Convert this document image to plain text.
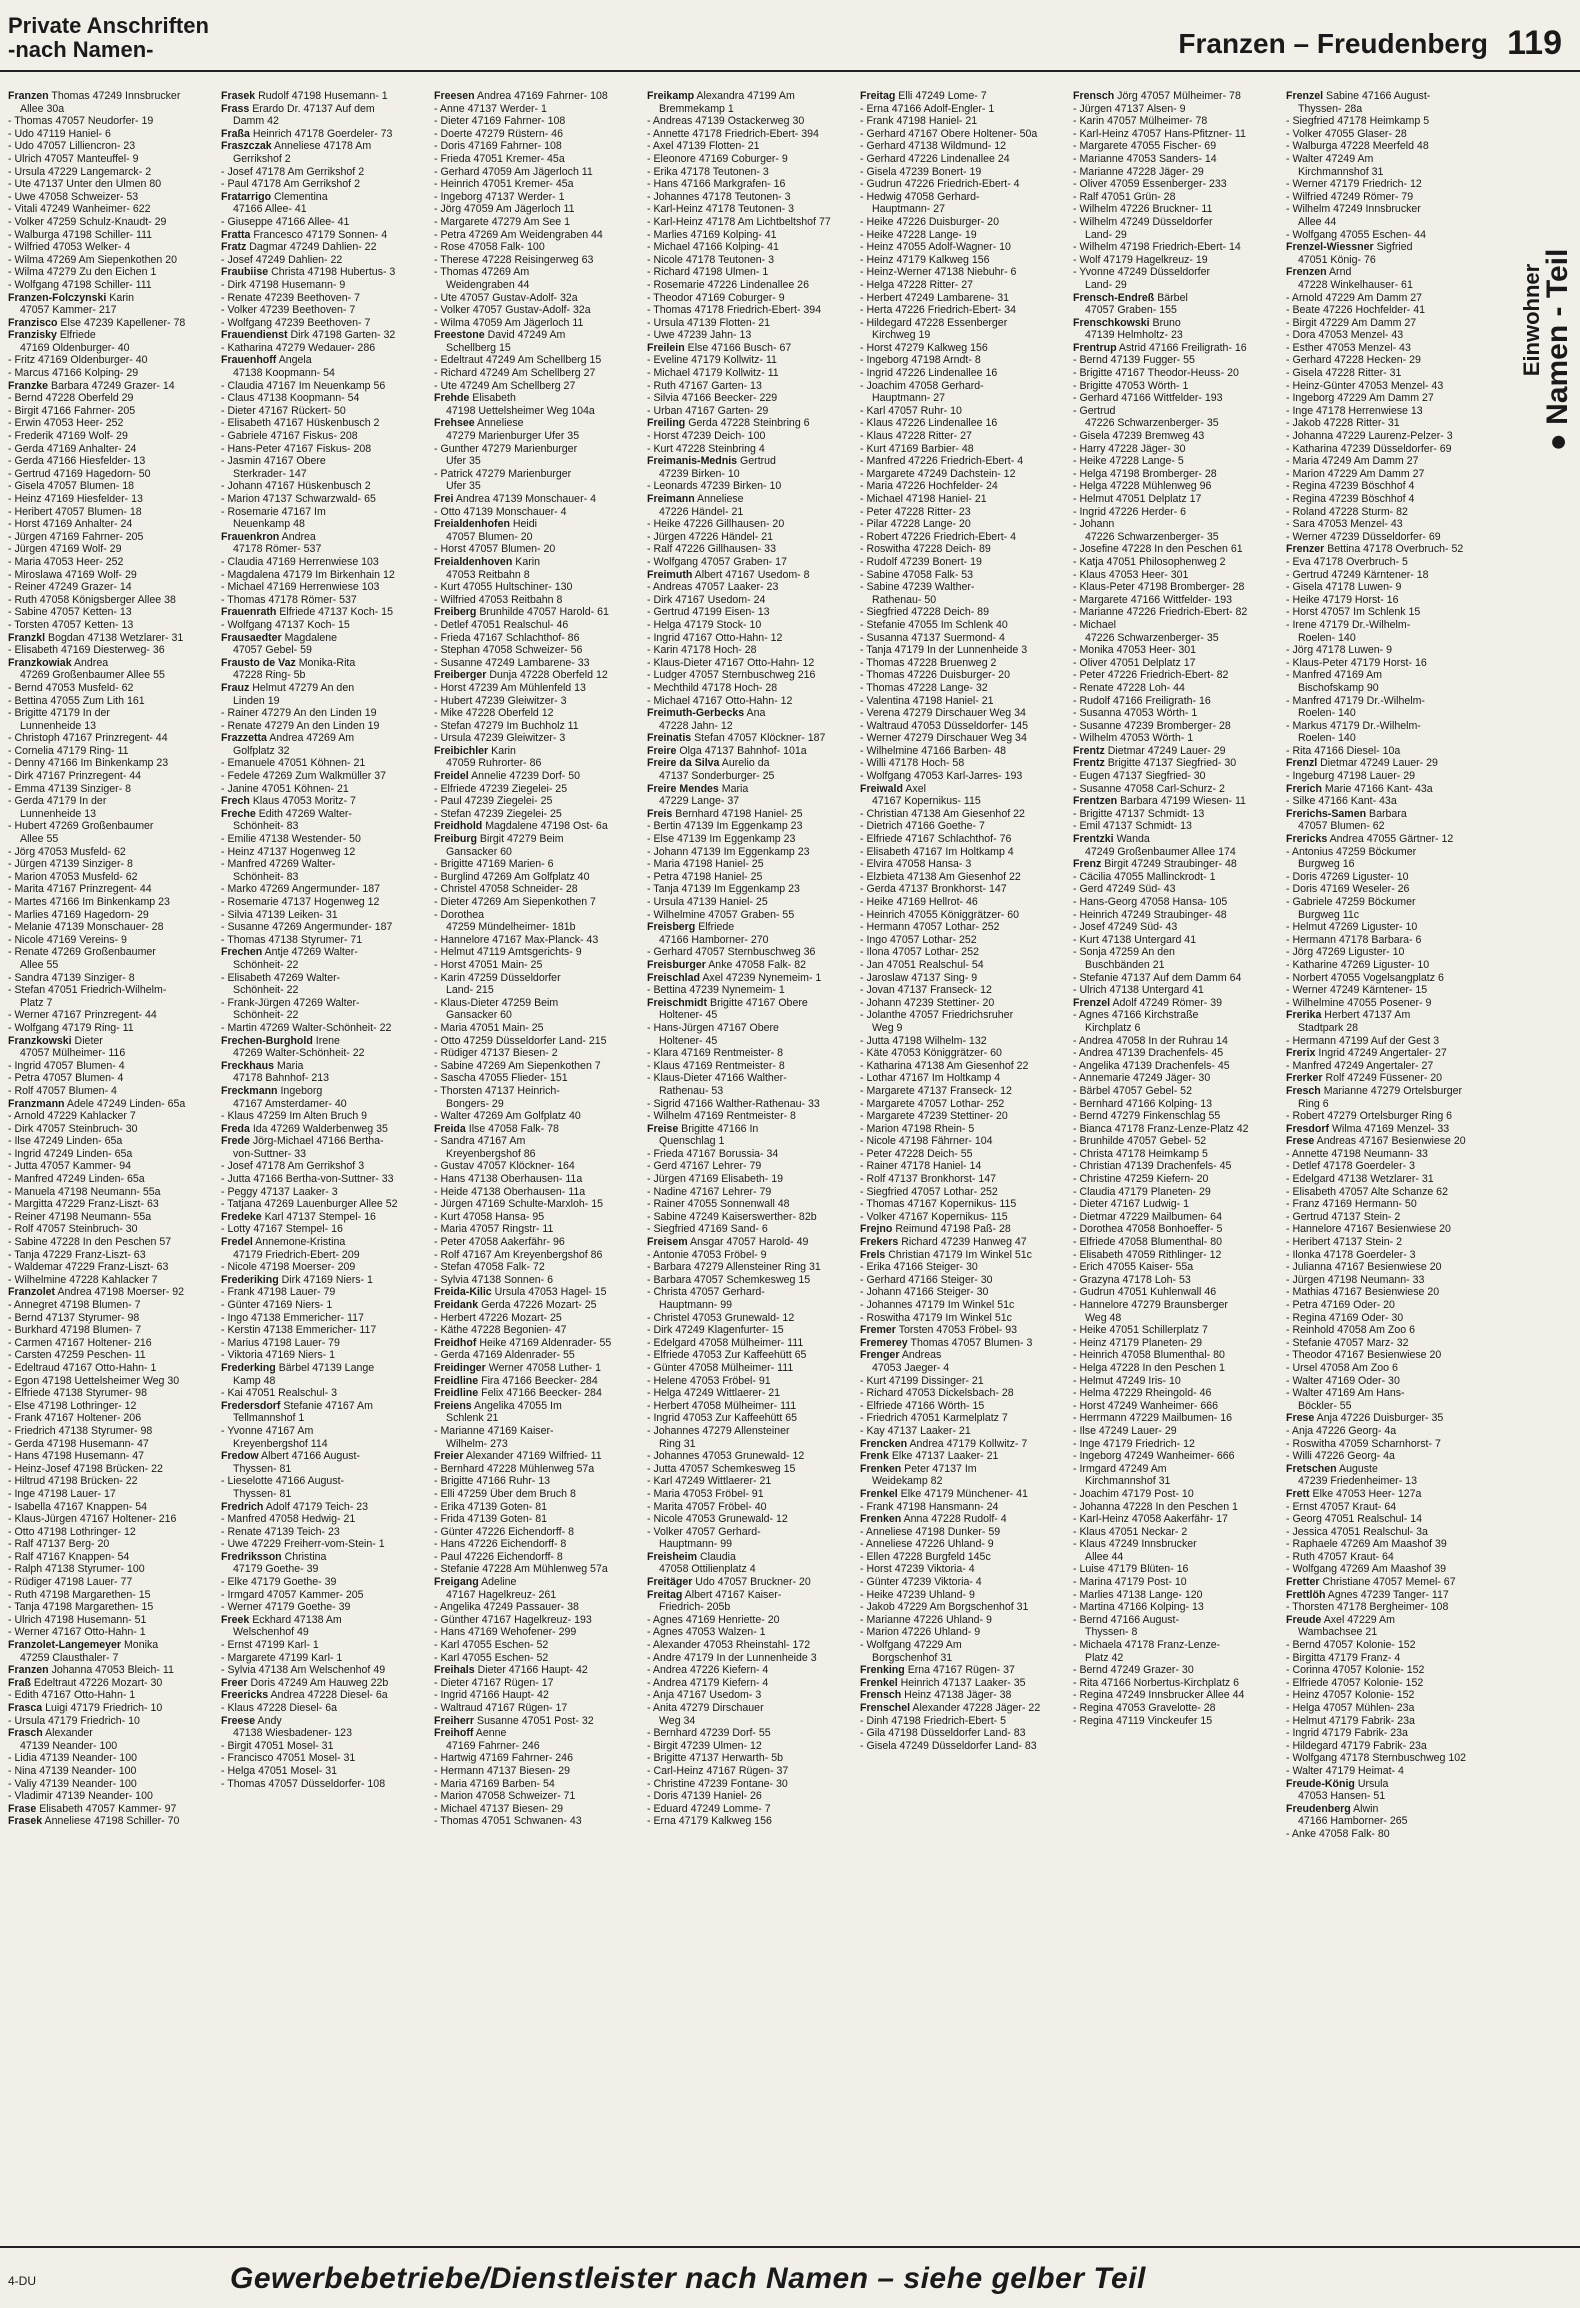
Private Anschriften
-nach Namen-	Franzen – Freudenberg 119
Einwohner
● Namen - Teil
Franzen Thomas 47249 Innsbrucker
Allee 30a
- Thomas 47057 Neudorfer- 19
- Udo 47119 Haniel- 6
- Udo 47057 Lilliencron- 23
- Ulrich 47057 Manteuffel- 9
- Ursula 47229 Langemarck- 2
- Ute 47137 Unter den Ulmen 80
- Uwe 47058 Schweizer- 53
- Vitali 47249 Wanheimer- 622
- Volker 47259 Schulz-Knaudt- 29
- Walburga 47198 Schiller- 111
- Wilfried 47053 Welker- 4
- Wilma 47269 Am Siepenkothen 20
- Wilma 47279 Zu den Eichen 1
- Wolfgang 47198 Schiller- 111
Franzen-Folczynski Karin
47057 Kammer- 217
Franzisco Else 47239 Kapellener- 78
Franzisky Elfriede
47169 Oldenburger- 40
- Fritz 47169 Oldenburger- 40
- Marcus 47166 Kolping- 29
Franzke Barbara 47249 Grazer- 14
- Bernd 47228 Oberfeld 29
- Birgit 47166 Fahrner- 205
- Erwin 47053 Heer- 252
- Frederik 47169 Wolf- 29
- Gerda 47169 Anhalter- 24
- Gerda 47166 Hiesfelder- 13
- Gertrud 47169 Hagedorn- 50
- Gisela 47057 Blumen- 18
- Heinz 47169 Hiesfelder- 13
- Heribert 47057 Blumen- 18
- Horst 47169 Anhalter- 24
- Jürgen 47169 Fahrner- 205
- Jürgen 47169 Wolf- 29
- Maria 47053 Heer- 252
- Miroslawa 47169 Wolf- 29
- Reiner 47249 Grazer- 14
- Ruth 47058 Königsberger Allee 38
- Sabine 47057 Ketten- 13
- Torsten 47057 Ketten- 13
Franzkl Bogdan 47138 Wetzlarer- 31
- Elisabeth 47169 Diesterweg- 36
Franzkowiak Andrea
47269 Großenbaumer Allee 55
- Bernd 47053 Musfeld- 62
- Bettina 47055 Zum Lith 161
- Brigitte 47179 In der
Lunnenheide 13
- Christoph 47167 Prinzregent- 44
- Cornelia 47179 Ring- 11
- Denny 47166 Im Binkenkamp 23
- Dirk 47167 Prinzregent- 44
- Emma 47139 Sinziger- 8
- Gerda 47179 In der
Lunnenheide 13
- Hubert 47269 Großenbaumer
Allee 55
- Jörg 47053 Musfeld- 62
- Jürgen 47139 Sinziger- 8
- Marion 47053 Musfeld- 62
- Marita 47167 Prinzregent- 44
- Martes 47166 Im Binkenkamp 23
- Marlies 47169 Hagedorn- 29
- Melanie 47139 Monschauer- 28
- Nicole 47169 Vereins- 9
- Renate 47269 Großenbaumer
Allee 55
- Sandra 47139 Sinziger- 8
- Stefan 47051 Friedrich-Wilhelm-
Platz 7
- Werner 47167 Prinzregent- 44
- Wolfgang 47179 Ring- 11
Franzkowski Dieter
47057 Mülheimer- 116
- Ingrid 47057 Blumen- 4
- Petra 47057 Blumen- 4
- Rolf 47057 Blumen- 4
Franzmann Adele 47249 Linden- 65a
- Arnold 47229 Kahlacker 7
- Dirk 47057 Steinbruch- 30
- Ilse 47249 Linden- 65a
- Ingrid 47249 Linden- 65a
- Jutta 47057 Kammer- 94
- Manfred 47249 Linden- 65a
- Manuela 47198 Neumann- 55a
- Margitta 47229 Franz-Liszt- 63
- Reiner 47198 Neumann- 55a
- Rolf 47057 Steinbruch- 30
- Sabine 47228 In den Peschen 57
- Tanja 47229 Franz-Liszt- 63
- Waldemar 47229 Franz-Liszt- 63
- Wilhelmine 47228 Kahlacker 7
Franzolet Andrea 47198 Moerser- 92
- Annegret 47198 Blumen- 7
- Bernd 47137 Styrumer- 98
- Burkhard 47198 Blumen- 7
- Carmen 47167 Holtener- 216
- Carsten 47259 Peschen- 11
- Edeltraud 47167 Otto-Hahn- 1
- Egon 47198 Uettelsheimer Weg 30
- Elfriede 47138 Styrumer- 98
- Else 47198 Lothringer- 12
- Frank 47167 Holtener- 206
- Friedrich 47138 Styrumer- 98
- Gerda 47198 Husemann- 47
- Hans 47198 Husemann- 47
- Heinz-Josef 47198 Brücken- 22
- Hiltrud 47198 Brücken- 22
- Inge 47198 Lauer- 17
- Isabella 47167 Knappen- 54
- Klaus-Jürgen 47167 Holtener- 216
- Otto 47198 Lothringer- 12
- Ralf 47137 Berg- 20
- Ralf 47167 Knappen- 54
- Ralph 47138 Styrumer- 100
- Rüdiger 47198 Lauer- 77
- Ruth 47198 Margarethen- 15
- Tanja 47198 Margarethen- 15
- Ulrich 47198 Husemann- 51
- Werner 47167 Otto-Hahn- 1
Franzolet-Langemeyer Monika
47259 Clausthaler- 7
Franzen Johanna 47053 Bleich- 11
Fraß Edeltraut 47226 Mozart- 30
- Edith 47167 Otto-Hahn- 1
Frasca Luigi 47179 Friedrich- 10
- Ursula 47179 Friedrich- 10
Frasch Alexander
47139 Neander- 100
- Lidia 47139 Neander- 100
- Nina 47139 Neander- 100
- Valiy 47139 Neander- 100
- Vladimir 47139 Neander- 100
Frase Elisabeth 47057 Kammer- 97
Frasek Anneliese 47198 Schiller- 70
Frasek Rudolf 47198 Husemann- 1
Frass Erardo Dr. 47137 Auf dem
Damm 42
Fraßa Heinrich 47178 Goerdeler- 73
Fraszczak Anneliese 47178 Am
Gerrikshof 2
- Josef 47178 Am Gerrikshof 2
- Paul 47178 Am Gerrikshof 2
Fratarrigo Clementina
47166 Allee- 41
- Giuseppe 47166 Allee- 41
Fratta Francesco 47179 Sonnen- 4
Fratz Dagmar 47249 Dahlien- 22
- Josef 47249 Dahlien- 22
Fraubiise Christa 47198 Hubertus- 3
- Dirk 47198 Husemann- 9
- Renate 47239 Beethoven- 7
- Volker 47239 Beethoven- 7
- Wolfgang 47239 Beethoven- 7
Frauendienst Dirk 47198 Garten- 32
- Katharina 47279 Wedauer- 286
Frauenhoff Angela
47138 Koopmann- 54
- Claudia 47167 Im Neuenkamp 56
- Claus 47138 Koopmann- 54
- Dieter 47167 Rückert- 50
- Elisabeth 47167 Hüskenbusch 2
- Gabriele 47167 Fiskus- 208
- Hans-Peter 47167 Fiskus- 208
- Jasmin 47167 Obere
Sterkrader- 147
- Johann 47167 Hüskenbusch 2
- Marion 47137 Schwarzwald- 65
- Rosemarie 47167 Im
Neuenkamp 48
Frauenkron Andrea
47178 Römer- 537
- Claudia 47169 Herrenwiese 103
- Magdalena 47179 Im Birkenhain 12
- Michael 47169 Herrenwiese 103
- Thomas 47178 Römer- 537
Frauenrath Elfriede 47137 Koch- 15
- Wolfgang 47137 Koch- 15
Frausaedter Magdalene
47057 Gebel- 59
Frausto de Vaz Monika-Rita
47228 Ring- 5b
Frauz Helmut 47279 An den
Linden 19
- Rainer 47279 An den Linden 19
- Renate 47279 An den Linden 19
Frazzetta Andrea 47269 Am
Golfplatz 32
- Emanuele 47051 Köhnen- 21
- Fedele 47269 Zum Walkmüller 37
- Janine 47051 Köhnen- 21
Frech Klaus 47053 Moritz- 7
Freche Edith 47269 Walter-
Schönheit- 83
- Emilie 47138 Westender- 50
- Heinz 47137 Hogenweg 12
- Manfred 47269 Walter-
Schönheit- 83
- Marko 47269 Angermunder- 187
- Rosemarie 47137 Hogenweg 12
- Silvia 47139 Leiken- 31
- Susanne 47269 Angermunder- 187
- Thomas 47138 Styrumer- 71
Frechen Antje 47269 Walter-
Schönheit- 22
- Elisabeth 47269 Walter-
Schönheit- 22
- Frank-Jürgen 47269 Walter-
Schönheit- 22
- Martin 47269 Walter-Schönheit- 22
Frechen-Burghold Irene
47269 Walter-Schönheit- 22
Freckhaus Maria
47178 Bahnhof- 213
Freckmann Ingeborg
47167 Amsterdamer- 40
- Klaus 47259 Im Alten Bruch 9
Freda Ida 47269 Walderbenweg 35
Frede Jörg-Michael 47166 Bertha-
von-Suttner- 33
- Josef 47178 Am Gerrikshof 3
- Jutta 47166 Bertha-von-Suttner- 33
- Peggy 47137 Laaker- 3
- Tatjana 47269 Lauenburger Allee 52
Fredeke Karl 47137 Stempel- 16
- Lotty 47167 Stempel- 16
Fredel Annemone-Kristina
47179 Friedrich-Ebert- 209
- Nicole 47198 Moerser- 209
Frederiking Dirk 47169 Niers- 1
- Frank 47198 Lauer- 79
- Günter 47169 Niers- 1
- Ingo 47138 Emmericher- 117
- Kerstin 47138 Emmericher- 117
- Marius 47198 Lauer- 79
- Viktoria 47169 Niers- 1
Frederking Bärbel 47139 Lange
Kamp 48
- Kai 47051 Realschul- 3
Fredersdorf Stefanie 47167 Am
Tellmannshof 1
- Yvonne 47167 Am
Kreyenbergshof 114
Fredow Albert 47166 August-
Thyssen- 81
- Lieselotte 47166 August-
Thyssen- 81
Fredrich Adolf 47179 Teich- 23
- Manfred 47058 Hedwig- 21
- Renate 47139 Teich- 23
- Uwe 47229 Freiherr-vom-Stein- 1
Fredriksson Christina
47179 Goethe- 39
- Elke 47179 Goethe- 39
- Irmgard 47057 Kammer- 205
- Werner 47179 Goethe- 39
Freek Eckhard 47138 Am
Welschenhof 49
- Ernst 47199 Karl- 1
- Margarete 47199 Karl- 1
- Sylvia 47138 Am Welschenhof 49
Freer Doris 47249 Am Hauweg 22b
Freericks Andrea 47228 Diesel- 6a
- Klaus 47228 Diesel- 6a
Freese Andy
47138 Wiesbadener- 123
- Birgit 47051 Mosel- 31
- Francisco 47051 Mosel- 31
- Helga 47051 Mosel- 31
- Thomas 47057 Düsseldorfer- 108
Freesen Andrea 47169 Fahrner- 108
- Anne 47137 Werder- 1
- Dieter 47169 Fahrner- 108
- Doerte 47279 Rüstern- 46
- Doris 47169 Fahrner- 108
- Frieda 47051 Kremer- 45a
- Gerhard 47059 Am Jägerloch 11
- Heinrich 47051 Kremer- 45a
- Ingeborg 47137 Werder- 1
- Jörg 47059 Am Jägerloch 11
- Margarete 47279 Am See 1
- Petra 47269 Am Weidengraben 44
- Rose 47058 Falk- 100
- Therese 47228 Reisingerweg 63
- Thomas 47269 Am
Weidengraben 44
- Ute 47057 Gustav-Adolf- 32a
- Volker 47057 Gustav-Adolf- 32a
- Wilma 47059 Am Jägerloch 11
Freestone David 47249 Am
Schellberg 15
- Edeltraut 47249 Am Schellberg 15
- Richard 47249 Am Schellberg 27
- Ute 47249 Am Schellberg 27
Frehde Elisabeth
47198 Uettelsheimer Weg 104a
Frehsee Anneliese
47279 Marienburger Ufer 35
- Gunther 47279 Marienburger
Ufer 35
- Patrick 47279 Marienburger
Ufer 35
Frei Andrea 47139 Monschauer- 4
- Otto 47139 Monschauer- 4
Freialdenhofen Heidi
47057 Blumen- 20
- Horst 47057 Blumen- 20
Freialdenhoven Karin
47053 Reitbahn 8
- Kurt 47055 Hultschiner- 130
- Wilfried 47053 Reitbahn 8
Freiberg Brunhilde 47057 Harold- 61
- Detlef 47051 Realschul- 46
- Frieda 47167 Schlachthof- 86
- Stephan 47058 Schweizer- 56
- Susanne 47249 Lambarene- 33
Freiberger Dunja 47228 Oberfeld 12
- Horst 47239 Am Mühlenfeld 13
- Hubert 47239 Gleiwitzer- 3
- Mike 47228 Oberfeld 12
- Stefan 47279 Im Buchholz 11
- Ursula 47239 Gleiwitzer- 3
Freibichler Karin
47059 Ruhrorter- 86
Freidel Annelie 47239 Dorf- 50
- Elfriede 47239 Ziegelei- 25
- Paul 47239 Ziegelei- 25
- Stefan 47239 Ziegelei- 25
Freidhold Magdalene 47198 Ost- 6a
Freiburg Birgit 47279 Beim
Gansacker 60
- Brigitte 47169 Marien- 6
- Burglind 47269 Am Golfplatz 40
- Christel 47058 Schneider- 28
- Dieter 47269 Am Siepenkothen 7
- Dorothea
47259 Mündelheimer- 181b
- Hannelore 47167 Max-Planck- 43
- Helmut 47119 Amtsgerichts- 9
- Horst 47051 Main- 25
- Karin 47259 Düsseldorfer
Land- 215
- Klaus-Dieter 47259 Beim
Gansacker 60
- Maria 47051 Main- 25
- Otto 47259 Düsseldorfer Land- 215
- Rüdiger 47137 Biesen- 2
- Sabine 47269 Am Siepenkothen 7
- Sascha 47055 Flieder- 151
- Thorsten 47137 Heinrich-
Bongers- 29
- Walter 47269 Am Golfplatz 40
Freida Ilse 47058 Falk- 78
- Sandra 47167 Am
Kreyenbergshof 86
- Gustav 47057 Klöckner- 164
- Hans 47138 Oberhausen- 11a
- Heide 47138 Oberhausen- 11a
- Jürgen 47169 Schulte-Marxloh- 15
- Kurt 47058 Hansa- 95
- Maria 47057 Ringstr- 11
- Peter 47058 Aakerfähr- 96
- Rolf 47167 Am Kreyenbergshof 86
- Stefan 47058 Falk- 72
- Sylvia 47138 Sonnen- 6
Freida-Kilic Ursula 47053 Hagel- 15
Freidank Gerda 47226 Mozart- 25
- Herbert 47226 Mozart- 25
- Käthe 47228 Begonien- 47
Freidhof Heike 47169 Aldenrader- 55
- Gerda 47169 Aldenrader- 55
Freidinger Werner 47058 Luther- 1
Freidline Fira 47166 Beecker- 284
Freidline Felix 47166 Beecker- 284
Freiens Angelika 47055 Im
Schlenk 21
- Marianne 47169 Kaiser-
Wilhelm- 273
Freier Alexander 47169 Wilfried- 11
- Bernhard 47228 Mühlenweg 57a
- Brigitte 47166 Ruhr- 13
- Elli 47259 Über dem Bruch 8
- Erika 47139 Goten- 81
- Frida 47139 Goten- 81
- Günter 47226 Eichendorff- 8
- Hans 47226 Eichendorff- 8
- Paul 47226 Eichendorff- 8
- Stefanie 47228 Am Mühlenweg 57a
Freigang Adeline
47167 Hagelkreuz- 261
- Angelika 47249 Passauer- 38
- Günther 47167 Hagelkreuz- 193
- Hans 47169 Wehofener- 299
- Karl 47055 Eschen- 52
- Karl 47055 Eschen- 52
Freihals Dieter 47166 Haupt- 42
- Dieter 47167 Rügen- 17
- Ingrid 47166 Haupt- 42
- Waltraud 47167 Rügen- 17
Freiherr Susanne 47051 Post- 32
Freihoff Aenne
47169 Fahrner- 246
- Hartwig 47169 Fahrner- 246
- Hermann 47137 Biesen- 29
- Maria 47169 Barben- 54
- Marion 47058 Schweizer- 71
- Michael 47137 Biesen- 29
- Thomas 47051 Schwanen- 43
Freikamp Alexandra 47199 Am
Bremmekamp 1
- Andreas 47139 Ostackerweg 30
- Annette 47178 Friedrich-Ebert- 394
- Axel 47139 Flotten- 21
- Eleonore 47169 Coburger- 9
- Erika 47178 Teutonen- 3
- Hans 47166 Markgrafen- 16
- Johannes 47178 Teutonen- 3
- Karl-Heinz 47178 Teutonen- 3
- Karl-Heinz 47178 Am Lichtbeltshof 77
- Marlies 47169 Kolping- 41
- Michael 47166 Kolping- 41
- Nicole 47178 Teutonen- 3
- Richard 47198 Ulmen- 1
- Rosemarie 47226 Lindenallee 26
- Theodor 47169 Coburger- 9
- Thomas 47178 Friedrich-Ebert- 394
- Ursula 47139 Flotten- 21
- Uwe 47239 Jahn- 13
Freilein Else 47166 Busch- 67
- Eveline 47179 Kollwitz- 11
- Michael 47179 Kollwitz- 11
- Ruth 47167 Garten- 13
- Silvia 47166 Beecker- 229
- Urban 47167 Garten- 29
Freiling Gerda 47228 Steinbring 6
- Horst 47239 Deich- 100
- Kurt 47228 Steinbring 4
Freimanis-Mednis Gertrud
47239 Birken- 10
- Leonards 47239 Birken- 10
Freimann Anneliese
47226 Händel- 21
- Heike 47226 Gillhausen- 20
- Jürgen 47226 Händel- 21
- Ralf 47226 Gillhausen- 33
- Wolfgang 47057 Graben- 17
Freimuth Albert 47167 Usedom- 8
- Andreas 47057 Laaker- 23
- Dirk 47167 Usedom- 24
- Gertrud 47199 Eisen- 13
- Helga 47179 Stock- 10
- Ingrid 47167 Otto-Hahn- 12
- Karin 47178 Hoch- 28
- Klaus-Dieter 47167 Otto-Hahn- 12
- Ludger 47057 Sternbuschweg 216
- Mechthild 47178 Hoch- 28
- Michael 47167 Otto-Hahn- 12
Freimuth-Gerbecks Ana
47228 Jahn- 12
Freinatis Stefan 47057 Klöckner- 187
Freire Olga 47137 Bahnhof- 101a
Freire da Silva Aurelio da
47137 Sonderburger- 25
Freire Mendes Maria
47229 Lange- 37
Freis Bernhard 47198 Haniel- 25
- Bertin 47139 Im Eggenkamp 23
- Else 47139 Im Eggenkamp 23
- Johann 47139 Im Eggenkamp 23
- Maria 47198 Haniel- 25
- Petra 47198 Haniel- 25
- Tanja 47139 Im Eggenkamp 23
- Ursula 47139 Haniel- 25
- Wilhelmine 47057 Graben- 55
Freisberg Elfriede
47166 Hamborner- 270
- Gerhard 47057 Sternbuschweg 36
Freisburger Anke 47058 Falk- 82
Freischlad Axel 47239 Nynemeim- 1
- Bettina 47239 Nynemeim- 1
Freischmidt Brigitte 47167 Obere
Holtener- 45
- Hans-Jürgen 47167 Obere
Holtener- 45
- Klara 47169 Rentmeister- 8
- Klaus 47169 Rentmeister- 8
- Klaus-Dieter 47166 Walther-
Rathenau- 53
- Sigrid 47166 Walther-Rathenau- 33
- Wilhelm 47169 Rentmeister- 8
Freise Brigitte 47166 In
Quenschlag 1
- Frieda 47167 Borussia- 34
- Gerd 47167 Lehrer- 79
- Jürgen 47169 Elisabeth- 19
- Nadine 47167 Lehrer- 79
- Rainer 47055 Sonnenwall 48
- Sabine 47249 Kaiserswerther- 82b
- Siegfried 47169 Sand- 6
Freisem Ansgar 47057 Harold- 49
- Antonie 47053 Fröbel- 9
- Barbara 47279 Allensteiner Ring 31
- Barbara 47057 Schemkesweg 15
- Christa 47057 Gerhard-
Hauptmann- 99
- Christel 47053 Grunewald- 12
- Dirk 47249 Klagenfurter- 15
- Edelgard 47058 Mülheimer- 111
- Elfriede 47053 Zur Kaffeehütt 65
- Günter 47058 Mülheimer- 111
- Helene 47053 Fröbel- 91
- Helga 47249 Wittlaerer- 21
- Herbert 47058 Mülheimer- 111
- Ingrid 47053 Zur Kaffeehütt 65
- Johannes 47279 Allensteiner
Ring 31
- Johannes 47053 Grunewald- 12
- Jutta 47057 Schemkesweg 15
- Karl 47249 Wittlaerer- 21
- Maria 47053 Fröbel- 91
- Marita 47057 Fröbel- 40
- Nicole 47053 Grunewald- 12
- Volker 47057 Gerhard-
Hauptmann- 99
Freisheim Claudia
47058 Ottilienplatz 4
Freitäger Udo 47057 Bruckner- 20
Freitag Albert 47167 Kaiser-
Friedrich- 205b
- Agnes 47169 Henriette- 20
- Agnes 47053 Walzen- 1
- Alexander 47053 Rheinstahl- 172
- Andre 47179 In der Lunnenheide 3
- Andrea 47226 Kiefern- 4
- Andrea 47179 Kiefern- 4
- Anja 47167 Usedom- 3
- Anita 47279 Dirschauer
Weg 34
- Bernhard 47239 Dorf- 55
- Birgit 47239 Ulmen- 12
- Brigitte 47137 Herwarth- 5b
- Carl-Heinz 47167 Rügen- 37
- Christine 47239 Fontane- 30
- Doris 47139 Haniel- 26
- Eduard 47249 Lomme- 7
- Erna 47179 Kalkweg 156
Freitag Elli 47249 Lome- 7
- Erna 47166 Adolf-Engler- 1
- Frank 47198 Haniel- 21
- Gerhard 47167 Obere Holtener- 50a
- Gerhard 47138 Wildmund- 12
- Gerhard 47226 Lindenallee 24
- Gisela 47239 Bonert- 19
- Gudrun 47226 Friedrich-Ebert- 4
- Hedwig 47058 Gerhard-
Hauptmann- 27
- Heike 47226 Duisburger- 20
- Heike 47228 Lange- 19
- Heinz 47055 Adolf-Wagner- 10
- Heinz 47179 Kalkweg 156
- Heinz-Werner 47138 Niebuhr- 6
- Helga 47228 Ritter- 27
- Herbert 47249 Lambarene- 31
- Herta 47226 Friedrich-Ebert- 34
- Hildegard 47228 Essenberger
Kirchweg 19
- Horst 47279 Kalkweg 156
- Ingeborg 47198 Arndt- 8
- Ingrid 47226 Lindenallee 16
- Joachim 47058 Gerhard-
Hauptmann- 27
- Karl 47057 Ruhr- 10
- Klaus 47226 Lindenallee 16
- Klaus 47228 Ritter- 27
- Kurt 47169 Barbier- 48
- Manfred 47226 Friedrich-Ebert- 4
- Margarete 47249 Dachstein- 12
- Maria 47226 Hochfelder- 24
- Michael 47198 Haniel- 21
- Peter 47228 Ritter- 23
- Pilar 47228 Lange- 20
- Robert 47226 Friedrich-Ebert- 4
- Roswitha 47228 Deich- 89
- Rudolf 47239 Bonert- 19
- Sabine 47058 Falk- 53
- Sabine 47239 Walther-
Rathenau- 50
- Siegfried 47228 Deich- 89
- Stefanie 47055 Im Schlenk 40
- Susanna 47137 Suermond- 4
- Tanja 47179 In der Lunnenheide 3
- Thomas 47228 Bruenweg 2
- Thomas 47226 Duisburger- 20
- Thomas 47228 Lange- 32
- Valentina 47198 Haniel- 21
- Verena 47279 Dirschauer Weg 34
- Waltraud 47053 Düsseldorfer- 145
- Werner 47279 Dirschauer Weg 34
- Wilhelmine 47166 Barben- 48
- Willi 47178 Hoch- 58
- Wolfgang 47053 Karl-Jarres- 193
Freiwald Axel
47167 Kopernikus- 115
- Christian 47138 Am Giesenhof 22
- Dietrich 47166 Goethe- 7
- Elfriede 47167 Schlachthof- 76
- Elisabeth 47167 Im Holtkamp 4
- Elvira 47058 Hansa- 3
- Elzbieta 47138 Am Giesenhof 22
- Gerda 47137 Bronkhorst- 147
- Heike 47169 Hellrot- 46
- Heinrich 47055 Königgrätzer- 60
- Hermann 47057 Lothar- 252
- Ingo 47057 Lothar- 252
- Ilona 47057 Lothar- 252
- Jan 47051 Realschul- 54
- Jaroslaw 47137 Sing- 9
- Jovan 47137 Franseck- 12
- Johann 47239 Stettiner- 20
- Jolanthe 47057 Friedrichsruher
Weg 9
- Jutta 47198 Wilhelm- 132
- Käte 47053 Königgrätzer- 60
- Katharina 47138 Am Giesenhof 22
- Lothar 47167 Im Holtkamp 4
- Margarete 47137 Franseck- 12
- Margarete 47057 Lothar- 252
- Margarete 47239 Stettiner- 20
- Marion 47198 Rhein- 5
- Nicole 47198 Fährner- 104
- Peter 47228 Deich- 55
- Rainer 47178 Haniel- 14
- Rolf 47137 Bronkhorst- 147
- Siegfried 47057 Lothar- 252
- Thomas 47167 Kopernikus- 115
- Volker 47167 Kopernikus- 115
Frejno Reimund 47198 Paß- 28
Frekers Richard 47239 Hanweg 47
Frels Christian 47179 Im Winkel 51c
- Erika 47166 Steiger- 30
- Gerhard 47166 Steiger- 30
- Johann 47166 Steiger- 30
- Johannes 47179 Im Winkel 51c
- Roswitha 47179 Im Winkel 51c
Fremer Torsten 47053 Fröbel- 93
Fremerey Thomas 47057 Blumen- 3
Frenger Andreas
47053 Jaeger- 4
- Kurt 47199 Dissinger- 21
- Richard 47053 Dickelsbach- 28
- Elfriede 47166 Wörth- 15
- Friedrich 47051 Karmelplatz 7
- Kay 47137 Laaker- 21
Frencken Andrea 47179 Kollwitz- 7
Frenk Elke 47137 Laaker- 21
Frenken Peter 47137 Im
Weidekamp 82
Frenkel Elke 47179 Münchener- 41
- Frank 47198 Hansmann- 24
Frenken Anna 47228 Rudolf- 4
- Anneliese 47198 Dunker- 59
- Anneliese 47226 Uhland- 9
- Ellen 47228 Burgfeld 145c
- Horst 47239 Viktoria- 4
- Günter 47239 Viktoria- 4
- Heike 47239 Uhland- 9
- Jakob 47229 Am Borgschenhof 31
- Marianne 47226 Uhland- 9
- Marion 47226 Uhland- 9
- Wolfgang 47229 Am
Borgschenhof 31
Frenking Erna 47167 Rügen- 37
Frenkel Heinrich 47137 Laaker- 35
Frensch Heinz 47138 Jäger- 38
Frenschel Alexander 47228 Jäger- 22
- Dinh 47198 Friedrich-Ebert- 5
- Gila 47198 Düsseldorfer Land- 83
- Gisela 47249 Düsseldorfer Land- 83
Frensch Jörg 47057 Mülheimer- 78
- Jürgen 47137 Alsen- 9
- Karin 47057 Mülheimer- 78
- Karl-Heinz 47057 Hans-Pfitzner- 11
- Margarete 47055 Fischer- 69
- Marianne 47053 Sanders- 14
- Marianne 47228 Jäger- 29
- Oliver 47059 Essenberger- 233
- Ralf 47051 Grün- 28
- Wilhelm 47226 Bruckner- 11
- Wilhelm 47249 Düsseldorfer
Land- 29
- Wilhelm 47198 Friedrich-Ebert- 14
- Wolf 47179 Hagelkreuz- 19
- Yvonne 47249 Düsseldorfer
Land- 29
Frensch-Endreß Bärbel
47057 Graben- 155
Frenschkowski Bruno
47139 Helmholtz- 23
Frentrup Astrid 47166 Freiligrath- 16
- Bernd 47139 Fugger- 55
- Brigitte 47167 Theodor-Heuss- 20
- Brigitte 47053 Wörth- 1
- Gerhard 47166 Wittfelder- 193
- Gertrud
47226 Schwarzenberger- 35
- Gisela 47239 Bremweg 43
- Harry 47228 Jäger- 30
- Heike 47228 Lange- 5
- Helga 47198 Bromberger- 28
- Helga 47228 Mühlenweg 96
- Helmut 47051 Delplatz 17
- Ingrid 47226 Herder- 6
- Johann
47226 Schwarzenberger- 35
- Josefine 47228 In den Peschen 61
- Katja 47051 Philosophenweg 2
- Klaus 47053 Heer- 301
- Klaus-Peter 47198 Bromberger- 28
- Margarete 47166 Wittfelder- 193
- Marianne 47226 Friedrich-Ebert- 82
- Michael
47226 Schwarzenberger- 35
- Monika 47053 Heer- 301
- Oliver 47051 Delplatz 17
- Peter 47226 Friedrich-Ebert- 82
- Renate 47228 Loh- 44
- Rudolf 47166 Freiligrath- 16
- Susanna 47053 Wörth- 1
- Susanne 47239 Bromberger- 28
- Wilhelm 47053 Wörth- 1
Frentz Dietmar 47249 Lauer- 29
Frentz Brigitte 47137 Siegfried- 30
- Eugen 47137 Siegfried- 30
- Susanne 47058 Carl-Schurz- 2
Frentzen Barbara 47199 Wiesen- 11
- Brigitte 47137 Schmidt- 13
- Emil 47137 Schmidt- 13
Frentzki Wanda
47249 Großenbaumer Allee 174
Frenz Birgit 47249 Straubinger- 48
- Cäcilia 47055 Mallinckrodt- 1
- Gerd 47249 Süd- 43
- Hans-Georg 47058 Hansa- 105
- Heinrich 47249 Straubinger- 48
- Josef 47249 Süd- 43
- Kurt 47138 Untergard 41
- Sonja 47259 An den
Buschbänden 21
- Stefanie 47137 Auf dem Damm 64
- Ulrich 47138 Untergard 41
Frenzel Adolf 47249 Römer- 39
- Agnes 47166 Kirchstraße
Kirchplatz 6
- Andrea 47058 In der Ruhrau 14
- Andrea 47139 Drachenfels- 45
- Angelika 47139 Drachenfels- 45
- Annemarie 47249 Jäger- 30
- Bärbel 47057 Gebel- 52
- Bernhard 47166 Kolping- 13
- Bernd 47279 Finkenschlag 55
- Bianca 47178 Franz-Lenze-Platz 42
- Brunhilde 47057 Gebel- 52
- Christa 47178 Heimkamp 5
- Christian 47139 Drachenfels- 45
- Christine 47259 Kiefern- 20
- Claudia 47179 Planeten- 29
- Dieter 47167 Ludwig- 1
- Dietmar 47229 Mailbumen- 64
- Dorothea 47058 Bonhoeffer- 5
- Elfriede 47058 Blumenthal- 80
- Elisabeth 47059 Rithlinger- 12
- Erich 47055 Kaiser- 55a
- Grazyna 47178 Loh- 53
- Gudrun 47051 Kuhlenwall 46
- Hannelore 47279 Braunsberger
Weg 48
- Heike 47051 Schillerplatz 7
- Heinz 47179 Planeten- 29
- Heinrich 47058 Blumenthal- 80
- Helga 47228 In den Peschen 1
- Helmut 47249 Iris- 10
- Helma 47229 Rheingold- 46
- Horst 47249 Wanheimer- 666
- Herrmann 47229 Mailbumen- 16
- Ilse 47249 Lauer- 29
- Inge 47179 Friedrich- 12
- Ingeborg 47249 Wanheimer- 666
- Irmgard 47249 Am
Kirchmannshof 31
- Joachim 47179 Post- 10
- Johanna 47228 In den Peschen 1
- Karl-Heinz 47058 Aakerfähr- 17
- Klaus 47051 Neckar- 2
- Klaus 47249 Innsbrucker
Allee 44
- Luise 47179 Blüten- 16
- Marina 47179 Post- 10
- Marlies 47138 Lange- 120
- Martina 47166 Kolping- 13
- Bernd 47166 August-
Thyssen- 8
- Michaela 47178 Franz-Lenze-
Platz 42
- Bernd 47249 Grazer- 30
- Rita 47166 Norbertus-Kirchplatz 6
- Regina 47249 Innsbrucker Allee 44
- Regina 47053 Gravelotte- 28
- Regina 47119 Vinckeufer 15
Frenzel Sabine 47166 August-
Thyssen- 28a
- Siegfried 47178 Heimkamp 5
- Volker 47055 Glaser- 28
- Walburga 47228 Meerfeld 48
- Walter 47249 Am
Kirchmannshof 31
- Werner 47179 Friedrich- 12
- Wilfried 47249 Römer- 79
- Wilhelm 47249 Innsbrucker
Allee 44
- Wolfgang 47055 Eschen- 44
Frenzel-Wiessner Sigfried
47051 König- 76
Frenzen Arnd
47228 Winkelhauser- 61
- Arnold 47229 Am Damm 27
- Beate 47226 Hochfelder- 41
- Birgit 47229 Am Damm 27
- Dora 47053 Menzel- 43
- Esther 47053 Menzel- 43
- Gerhard 47228 Hecken- 29
- Gisela 47228 Ritter- 31
- Heinz-Günter 47053 Menzel- 43
- Ingeborg 47229 Am Damm 27
- Inge 47178 Herrenwiese 13
- Jakob 47228 Ritter- 31
- Johanna 47229 Laurenz-Pelzer- 3
- Katharina 47239 Düsseldorfer- 69
- Maria 47249 Am Damm 27
- Marion 47229 Am Damm 27
- Regina 47239 Böschhof 4
- Regina 47239 Böschhof 4
- Roland 47228 Sturm- 82
- Sara 47053 Menzel- 43
- Werner 47239 Düsseldorfer- 69
Frenzer Bettina 47178 Overbruch- 52
- Eva 47178 Overbruch- 5
- Gertrud 47249 Kärntener- 18
- Gisela 47178 Luwen- 9
- Heike 47179 Horst- 16
- Horst 47057 Im Schlenk 15
- Irene 47179 Dr.-Wilhelm-
Roelen- 140
- Jörg 47178 Luwen- 9
- Klaus-Peter 47179 Horst- 16
- Manfred 47169 Am
Bischofskamp 90
- Manfred 47179 Dr.-Wilhelm-
Roelen- 140
- Markus 47179 Dr.-Wilhelm-
Roelen- 140
- Rita 47166 Diesel- 10a
Frenzl Dietmar 47249 Lauer- 29
- Ingeburg 47198 Lauer- 29
Frerich Marie 47166 Kant- 43a
- Silke 47166 Kant- 43a
Frerichs-Samen Barbara
47057 Blumen- 62
Frericks Andrea 47055 Gärtner- 12
- Antonius 47259 Böckumer
Burgweg 16
- Doris 47269 Liguster- 10
- Doris 47169 Weseler- 26
- Gabriele 47259 Böckumer
Burgweg 11c
- Helmut 47269 Liguster- 10
- Hermann 47178 Barbara- 6
- Jörg 47269 Liguster- 10
- Katharine 47269 Liguster- 10
- Norbert 47055 Vogelsangplatz 6
- Werner 47249 Kärntener- 15
- Wilhelmine 47055 Posener- 9
Frerika Herbert 47137 Am
Stadtpark 28
- Hermann 47199 Auf der Gest 3
Frerix Ingrid 47249 Angertaler- 27
- Manfred 47249 Angertaler- 27
Frerker Rolf 47249 Füssener- 20
Fresch Marianne 47279 Ortelsburger
Ring 6
- Robert 47279 Ortelsburger Ring 6
Fresdorf Wilma 47169 Menzel- 33
Frese Andreas 47167 Besienwiese 20
- Annette 47198 Neumann- 33
- Detlef 47178 Goerdeler- 3
- Edelgard 47138 Wetzlarer- 31
- Elisabeth 47057 Alte Schanze 62
- Franz 47169 Hermann- 50
- Gertrud 47137 Stein- 2
- Hannelore 47167 Besienwiese 20
- Heribert 47137 Stein- 2
- Ilonka 47178 Goerdeler- 3
- Julianna 47167 Besienwiese 20
- Jürgen 47198 Neumann- 33
- Mathias 47167 Besienwiese 20
- Petra 47169 Oder- 20
- Regina 47169 Oder- 30
- Reinhold 47058 Am Zoo 6
- Stefanie 47057 Marz- 32
- Theodor 47167 Besienwiese 20
- Ursel 47058 Am Zoo 6
- Walter 47169 Oder- 30
- Walter 47169 Am Hans-
Böckler- 55
Frese Anja 47226 Duisburger- 35
- Anja 47226 Georg- 4a
- Roswitha 47059 Scharnhorst- 7
- Willi 47226 Georg- 4a
Fretschen Auguste
47239 Friedenheimer- 13
Frett Elke 47053 Heer- 127a
- Ernst 47057 Kraut- 64
- Georg 47051 Realschul- 14
- Jessica 47051 Realschul- 3a
- Raphaele 47269 Am Maashof 39
- Ruth 47057 Kraut- 64
- Wolfgang 47269 Am Maashof 39
Fretter Christiane 47057 Memel- 67
Frettlöh Agnes 47239 Tanger- 117
- Thorsten 47178 Bergheimer- 108
Freude Axel 47229 Am
Wambachsee 21
- Bernd 47057 Kolonie- 152
- Birgitta 47179 Franz- 4
- Corinna 47057 Kolonie- 152
- Elfriede 47057 Kolonie- 152
- Heinz 47057 Kolonie- 152
- Helga 47057 Mühlen- 23a
- Helmut 47179 Fabrik- 23a
- Ingrid 47179 Fabrik- 23a
- Hildegard 47179 Fabrik- 23a
- Wolfgang 47178 Sternbuschweg 102
- Walter 47179 Heimat- 4
Freude-König Ursula
47053 Hansen- 51
Freudenberg Alwin
47166 Hamborner- 265
- Anke 47058 Falk- 80
4-DU	Gewerbebetriebe/Dienstleister nach Namen – siehe gelber Teil
